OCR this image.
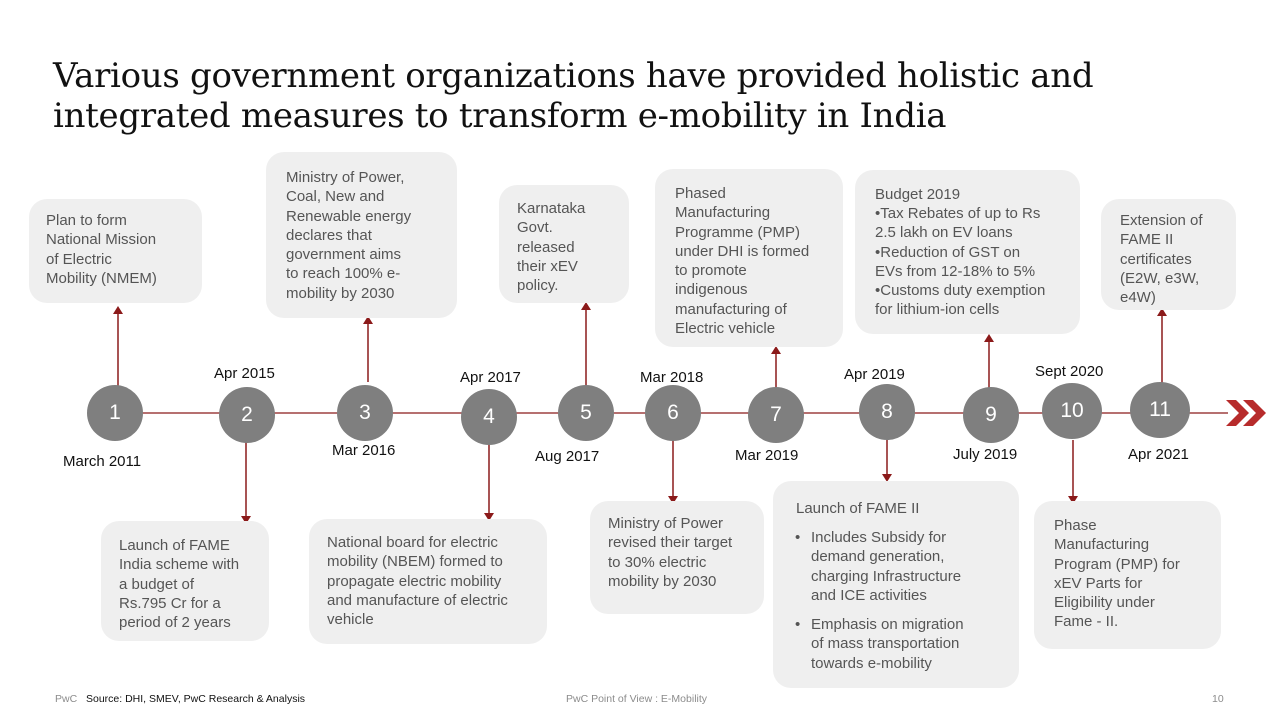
Various government organizations have provided holistic and
integrated measures to transform e-mobility in India
Plan to form
National Mission
of Electric
Mobility (NMEM)
Ministry of Power,
Coal, New and
Renewable energy
declares that
government aims
to reach 100% e-
mobility by 2030
Karnataka
Govt.
released
their xEV
policy.
Phased
Manufacturing
Programme (PMP)
under DHI is formed
to promote
indigenous
manufacturing of
Electric vehicle
Budget 2019
•Tax Rebates of up to Rs
2.5 lakh on EV loans
•Reduction of GST on
EVs from 12-18% to 5%
•Customs duty exemption
for lithium-ion cells
Extension of
FAME II
certificates
(E2W, e3W,
e4W)
Launch of FAME
India scheme with
a budget of
Rs.795 Cr for a
period of 2 years
National board for electric
mobility (NBEM) formed to
propagate electric mobility
and manufacture of electric
vehicle
Ministry of Power
revised their target
to 30% electric
mobility by 2030
Launch of FAME II
• Includes Subsidy for
demand generation,
charging Infrastructure
and ICE activities
• Emphasis on migration
of mass transportation
towards e-mobility
Phase
Manufacturing
Program (PMP) for
xEV Parts for
Eligibility under
Fame - II.
1	2	3	4	5	6	7	8	9	10	11
March 2011
Apr 2015
Mar 2016
Apr 2017
Aug 2017
Mar 2018
Mar 2019
Apr 2019
July 2019
Sept 2020
Apr 2021
PwC Source: DHI, SMEV, PwC Research & Analysis	PwC Point of View : E-Mobility	10
